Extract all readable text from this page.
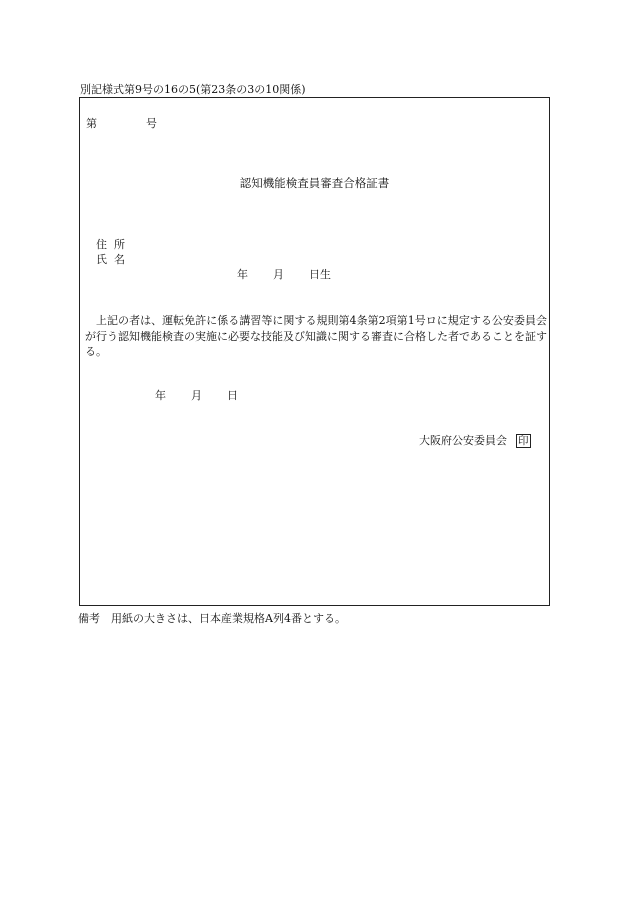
別記様式第9号の16の5(第23条の3の10関係)
第	号
認知機能検査員審査合格証書
住所
氏名
年 月 日生
上記の者は、運転免許に係る講習等に関する規則第4条第2項第1号ロに規定する公安委員会が行う認知機能検査の実施に必要な技能及び知識に関する審査に合格した者であることを証する。
年 月 日
大阪府公安委員会 印
備考　用紙の大きさは、日本産業規格A列4番とする。
